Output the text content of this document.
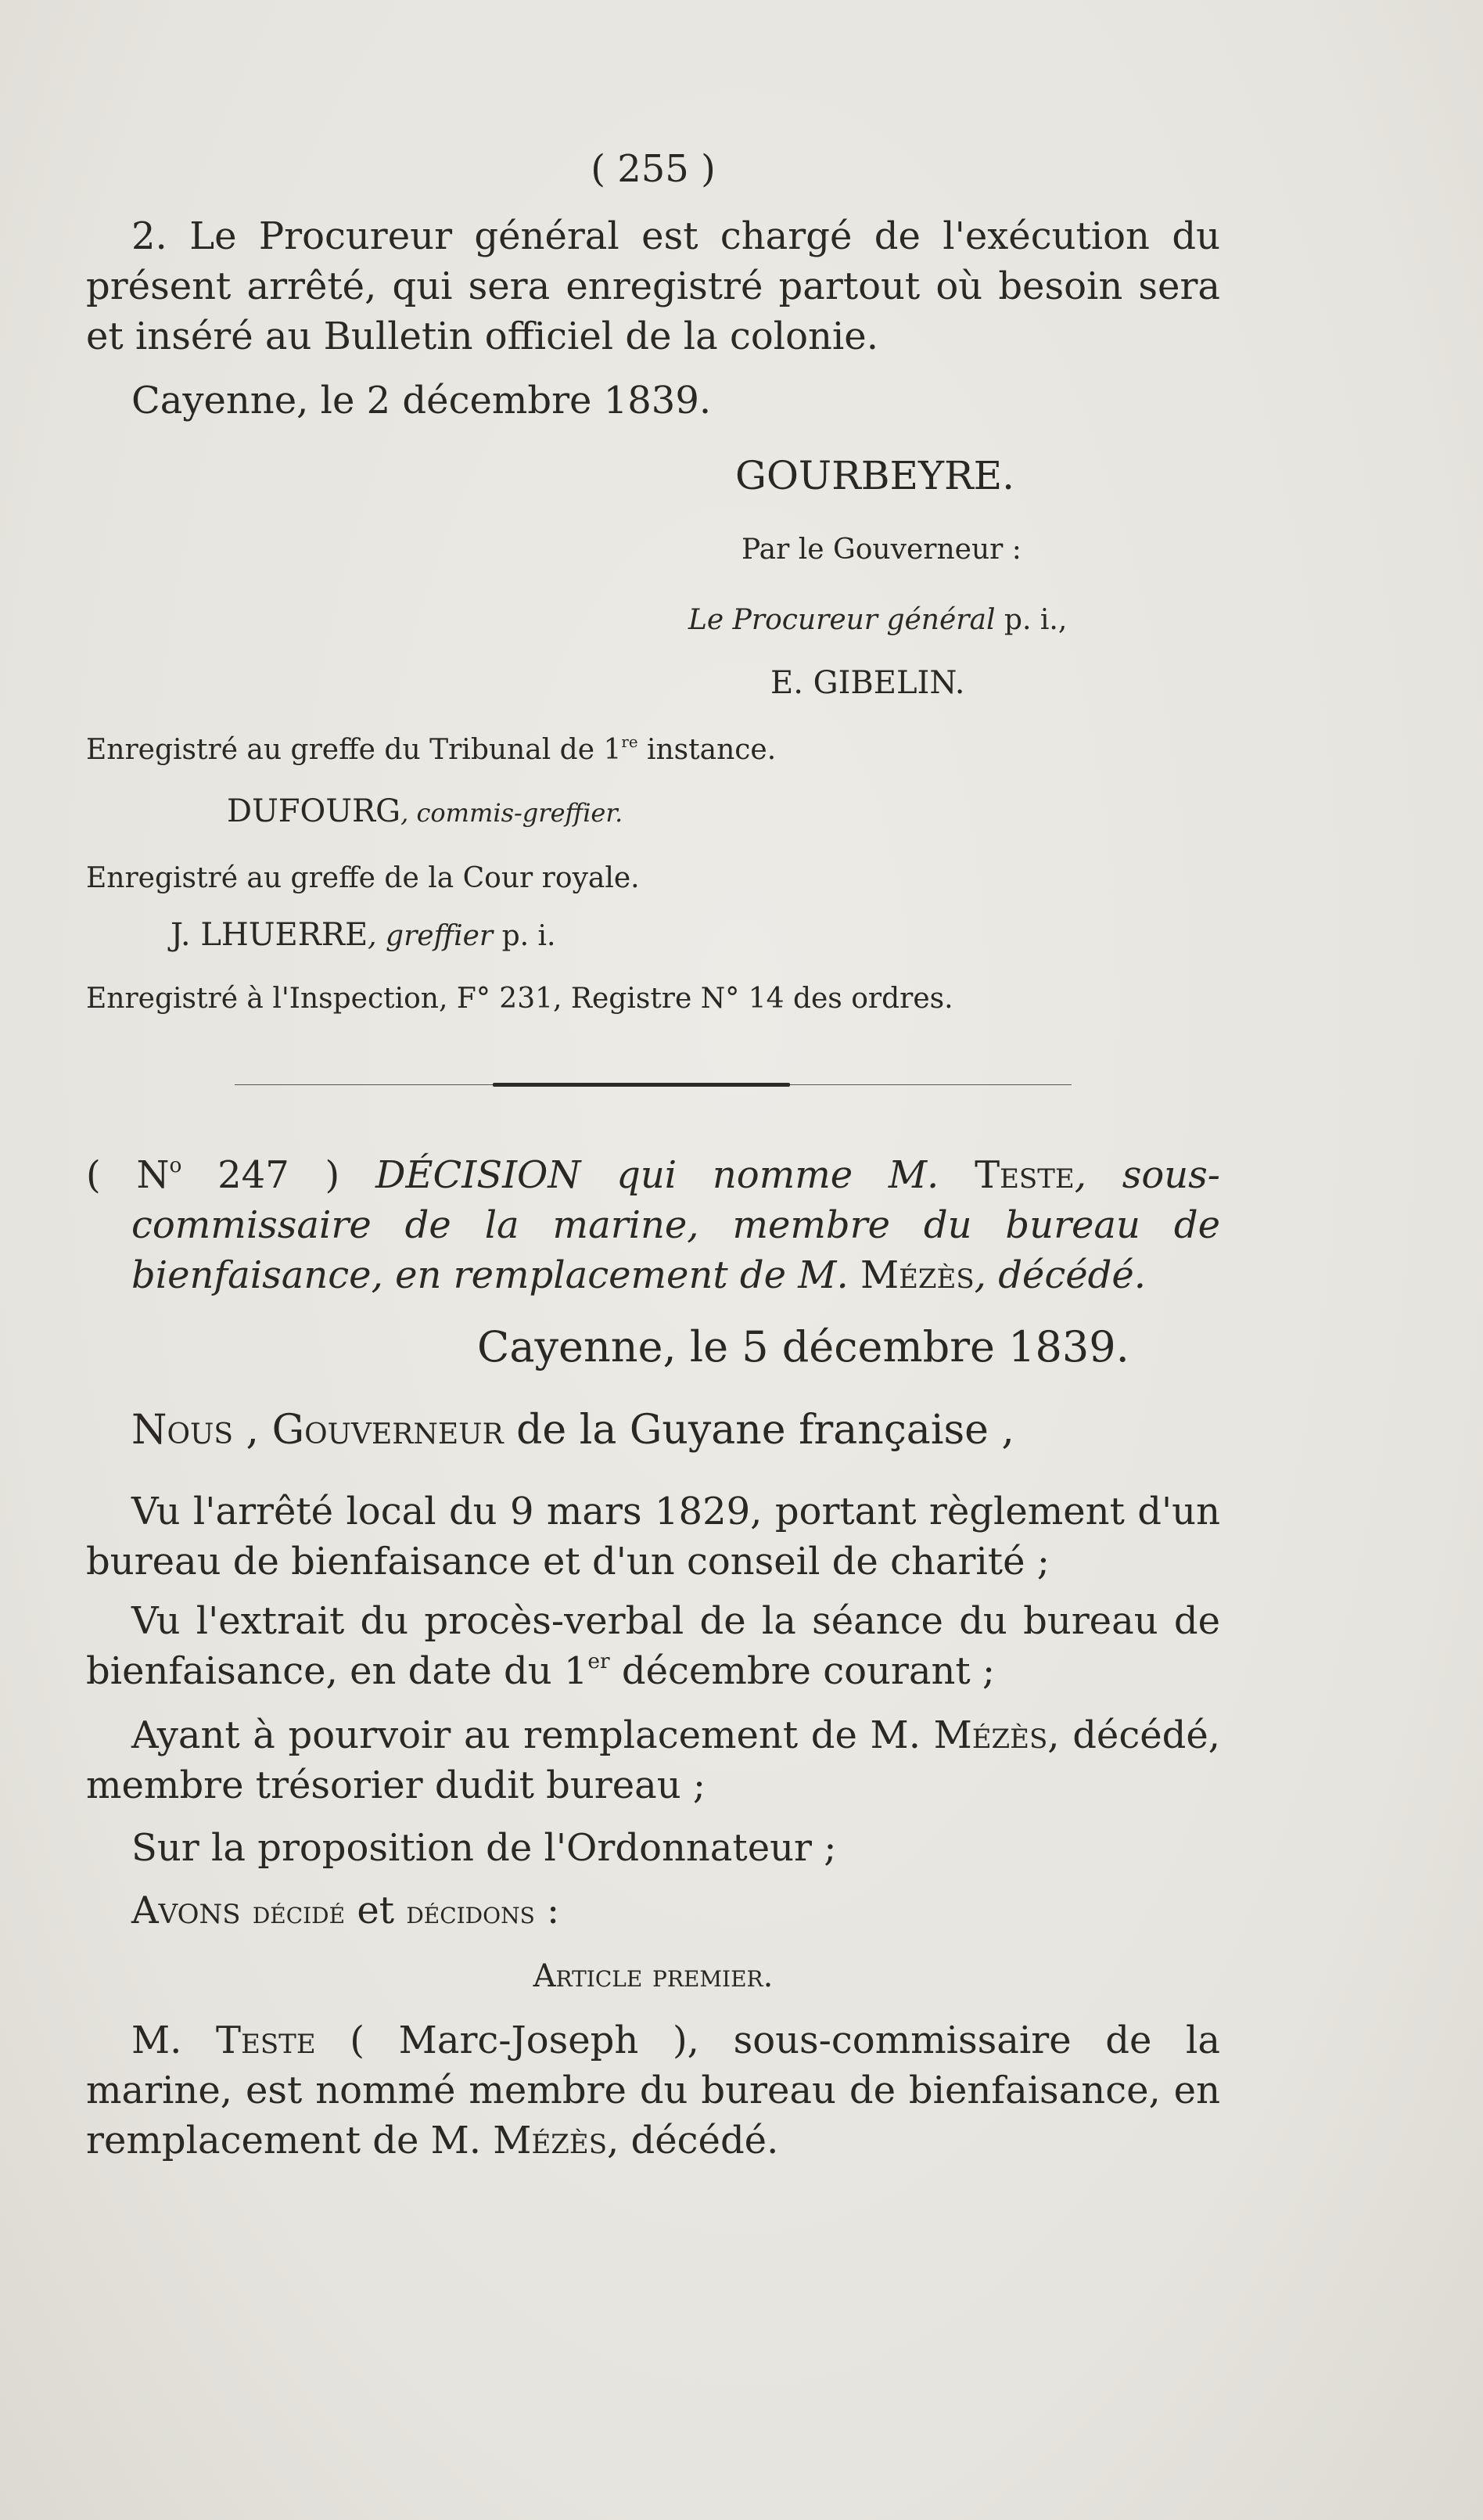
( 255 )

2. Le Procureur général est chargé de l'exécution du présent arrêté, qui sera enregistré partout où besoin sera et inséré au Bulletin officiel de la colonie.

Cayenne, le 2 décembre 1839.
GOURBEYRE.
Par le Gouverneur :
Le Procureur général p. i.,
E. GIBELIN.
Enregistré au greffe du Tribunal de 1re instance.
DUFOURG, commis-greffier.
Enregistré au greffe de la Cour royale.
J. LHUERRE, greffier p. i.
Enregistré à l'Inspection, F° 231, Registre N° 14 des ordres.

( $N^o$ 247 ) DÉCISION qui nomme M. Teste, sous-commissaire de la marine, membre du bureau de bienfaisance, en remplacement de M. Mézès, décédé.

Cayenne, le 5 décembre 1839.
Nous , Gouverneur de la Guyane française ,

Vu l'arrêté local du 9 mars 1829, portant règlement d'un bureau de bienfaisance et d'un conseil de charité ;

Vu l'extrait du procès-verbal de la séance du bureau de bienfaisance, en date du 1er décembre courant ;

Ayant à pourvoir au remplacement de M. Mézès, décédé, membre trésorier dudit bureau ;

Sur la proposition de l'Ordonnateur ;
Avons décidé et décidons :
Article premier.

M. Teste ( Marc-Joseph ), sous-commissaire de la marine, est nommé membre du bureau de bienfaisance, en remplacement de M. Mézès, décédé.
